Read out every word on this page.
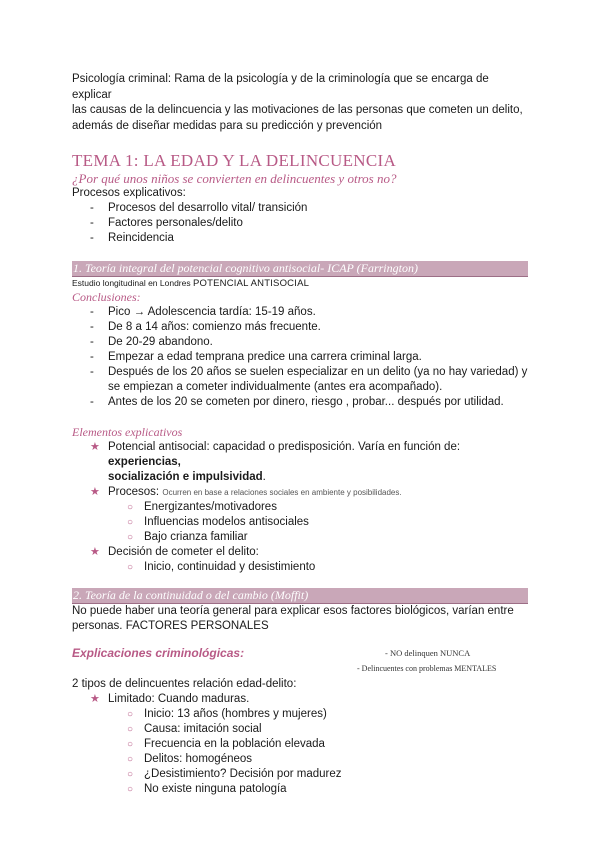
Psicología criminal: Rama de la psicología y de la criminología que se encarga de explicar

las causas de la delincuencia y las motivaciones de las personas que cometen un delito,

además de diseñar medidas para su predicción y prevención

TEMA 1: LA EDAD Y LA DELINCUENCIA

¿Por qué unos niños se convierten en delincuentes y otros no?

Procesos explicativos:

- Procesos del desarrollo vital/ transición
- Factores personales/delito
- Reincidencia
1. Teoría integral del potencial cognitivo antisocial- ICAP (Farrington)

Estudio longitudinal en Londres POTENCIAL ANTISOCIAL

Conclusiones:

- Pico → Adolescencia tardía: 15-19 años.
- De 8 a 14 años: comienzo más frecuente.
- De 20-29 abandono.
- Empezar a edad temprana predice una carrera criminal larga.
- Después de los 20 años se suelen especializar en un delito (ya no hay variedad) y
se empiezan a cometer individualmente (antes era acompañado).
- Antes de los 20 se cometen por dinero, riesgo , probar... después por utilidad.

Elementos explicativos

★ Potencial antisocial: capacidad o predisposición. Varía en función de: experiencias,
socialización e impulsividad.
★ Procesos: Ocurren en base a relaciones sociales en ambiente y posibilidades.
○ Energizantes/motivadores
○ Influencias modelos antisociales
○ Bajo crianza familiar
★ Decisión de cometer el delito:
○ Inicio, continuidad y desistimiento
2. Teoría de la continuidad o del cambio (Moffit)

No puede haber una teoría general para explicar esos factores biológicos, varían entre

personas. FACTORES PERSONALES

Explicaciones criminológicas:	- NO delinquen NUNCA
- Delincuentes con problemas MENTALES

2 tipos de delincuentes relación edad-delito:

★ Limitado: Cuando maduras.
○ Inicio: 13 años (hombres y mujeres)
○ Causa: imitación social
○ Frecuencia en la población elevada
○ Delitos: homogéneos
○ ¿Desistimiento? Decisión por madurez
○ No existe ninguna patología
